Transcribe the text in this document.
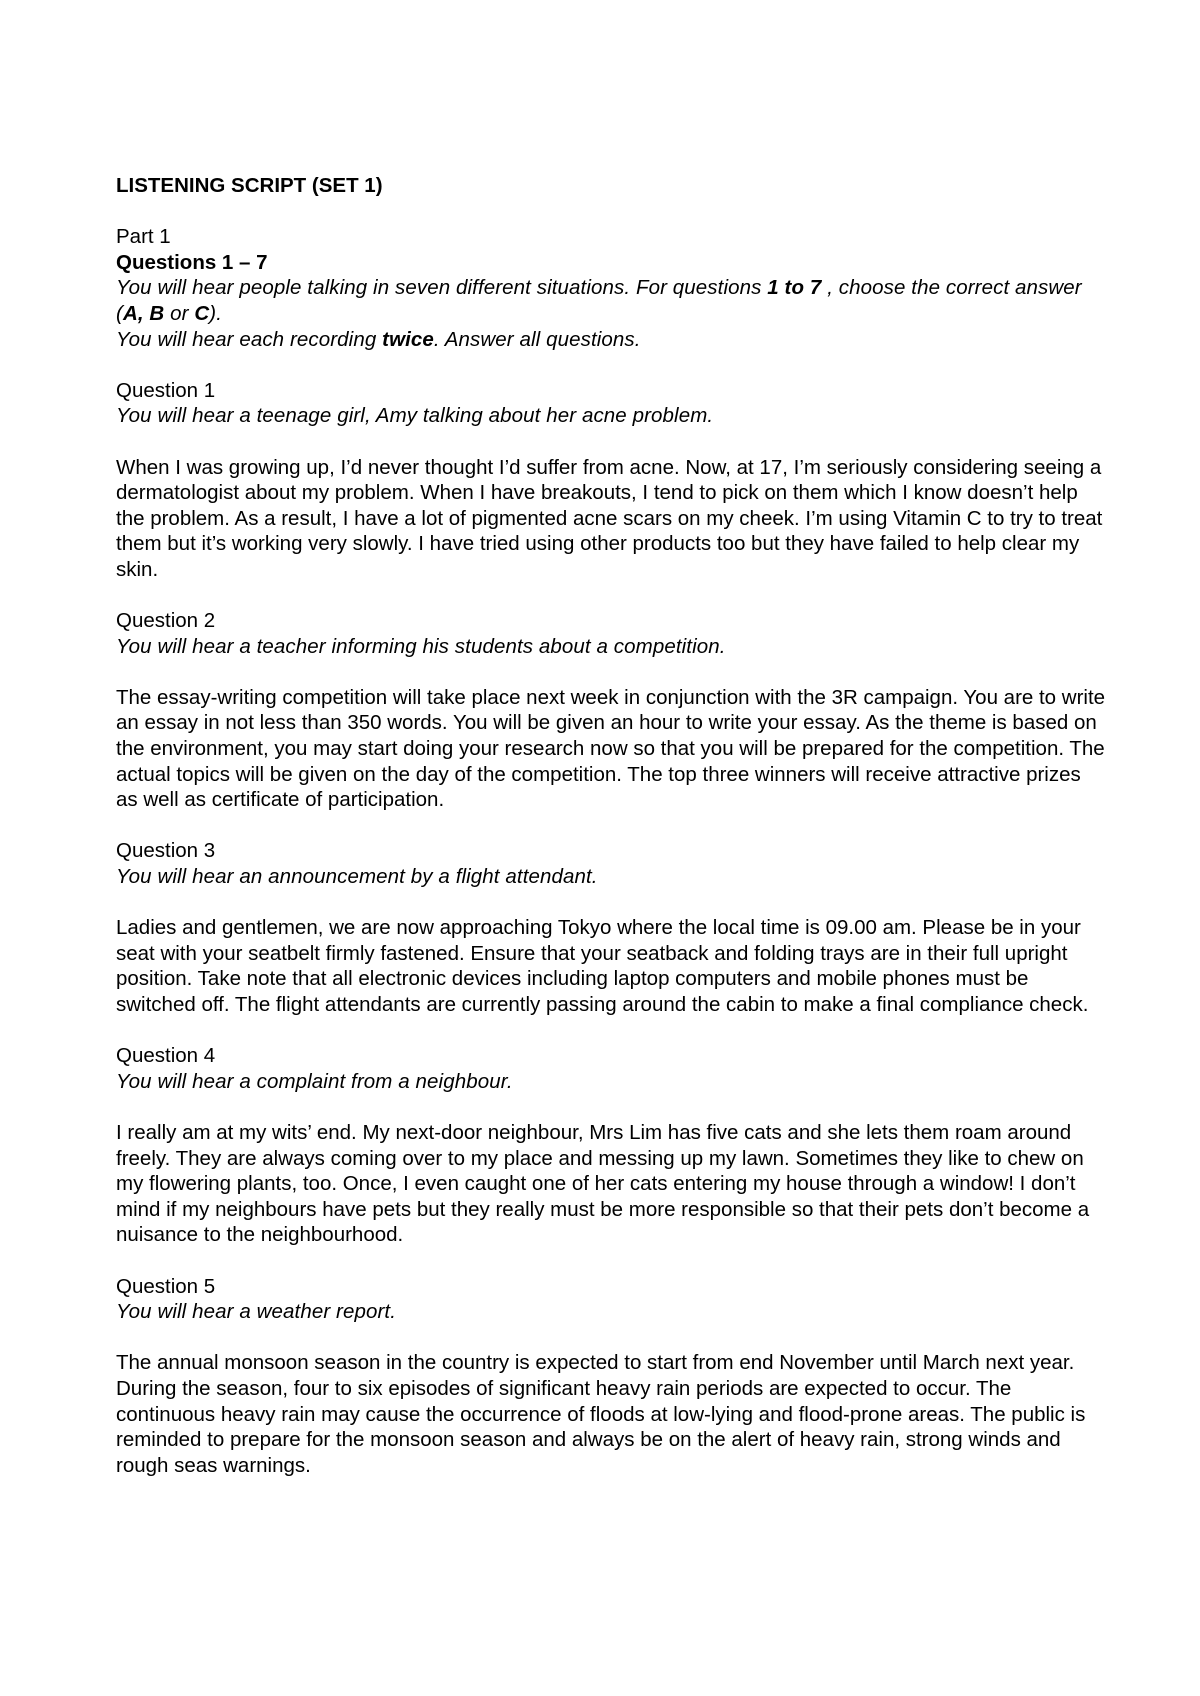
LISTENING SCRIPT (SET 1)

Part 1

Questions 1 – 7

You will hear people talking in seven different situations. For questions 1 to 7 , choose the correct answer (A, B or C).

You will hear each recording twice. Answer all questions.

Question 1

You will hear a teenage girl, Amy talking about her acne problem.

When I was growing up, I’d never thought I’d suffer from acne. Now, at 17, I’m seriously considering seeing a dermatologist about my problem. When I have breakouts, I tend to pick on them which I know doesn’t help the problem. As a result, I have a lot of pigmented acne scars on my cheek. I’m using Vitamin C to try to treat them but it’s working very slowly. I have tried using other products too but they have failed to help clear my skin.

Question 2

You will hear a teacher informing his students about a competition.

The essay-writing competition will take place next week in conjunction with the 3R campaign. You are to write an essay in not less than 350 words. You will be given an hour to write your essay. As the theme is based on the environment, you may start doing your research now so that you will be prepared for the competition. The actual topics will be given on the day of the competition. The top three winners will receive attractive prizes as well as certificate of participation.

Question 3

You will hear an announcement by a flight attendant.

Ladies and gentlemen, we are now approaching Tokyo where the local time is 09.00 am. Please be in your seat with your seatbelt firmly fastened. Ensure that your seatback and folding trays are in their full upright position. Take note that all electronic devices including laptop computers and mobile phones must be switched off. The flight attendants are currently passing around the cabin to make a final compliance check.

Question 4

You will hear a complaint from a neighbour.

I really am at my wits’ end. My next-door neighbour, Mrs Lim has five cats and she lets them roam around freely. They are always coming over to my place and messing up my lawn. Sometimes they like to chew on my flowering plants, too. Once, I even caught one of her cats entering my house through a window! I don’t mind if my neighbours have pets but they really must be more responsible so that their pets don’t become a nuisance to the neighbourhood.

Question 5

You will hear a weather report.

The annual monsoon season in the country is expected to start from end November until March next year. During the season, four to six episodes of significant heavy rain periods are expected to occur. The continuous heavy rain may cause the occurrence of floods at low-lying and flood-prone areas. The public is reminded to prepare for the monsoon season and always be on the alert of heavy rain, strong winds and rough seas warnings.
